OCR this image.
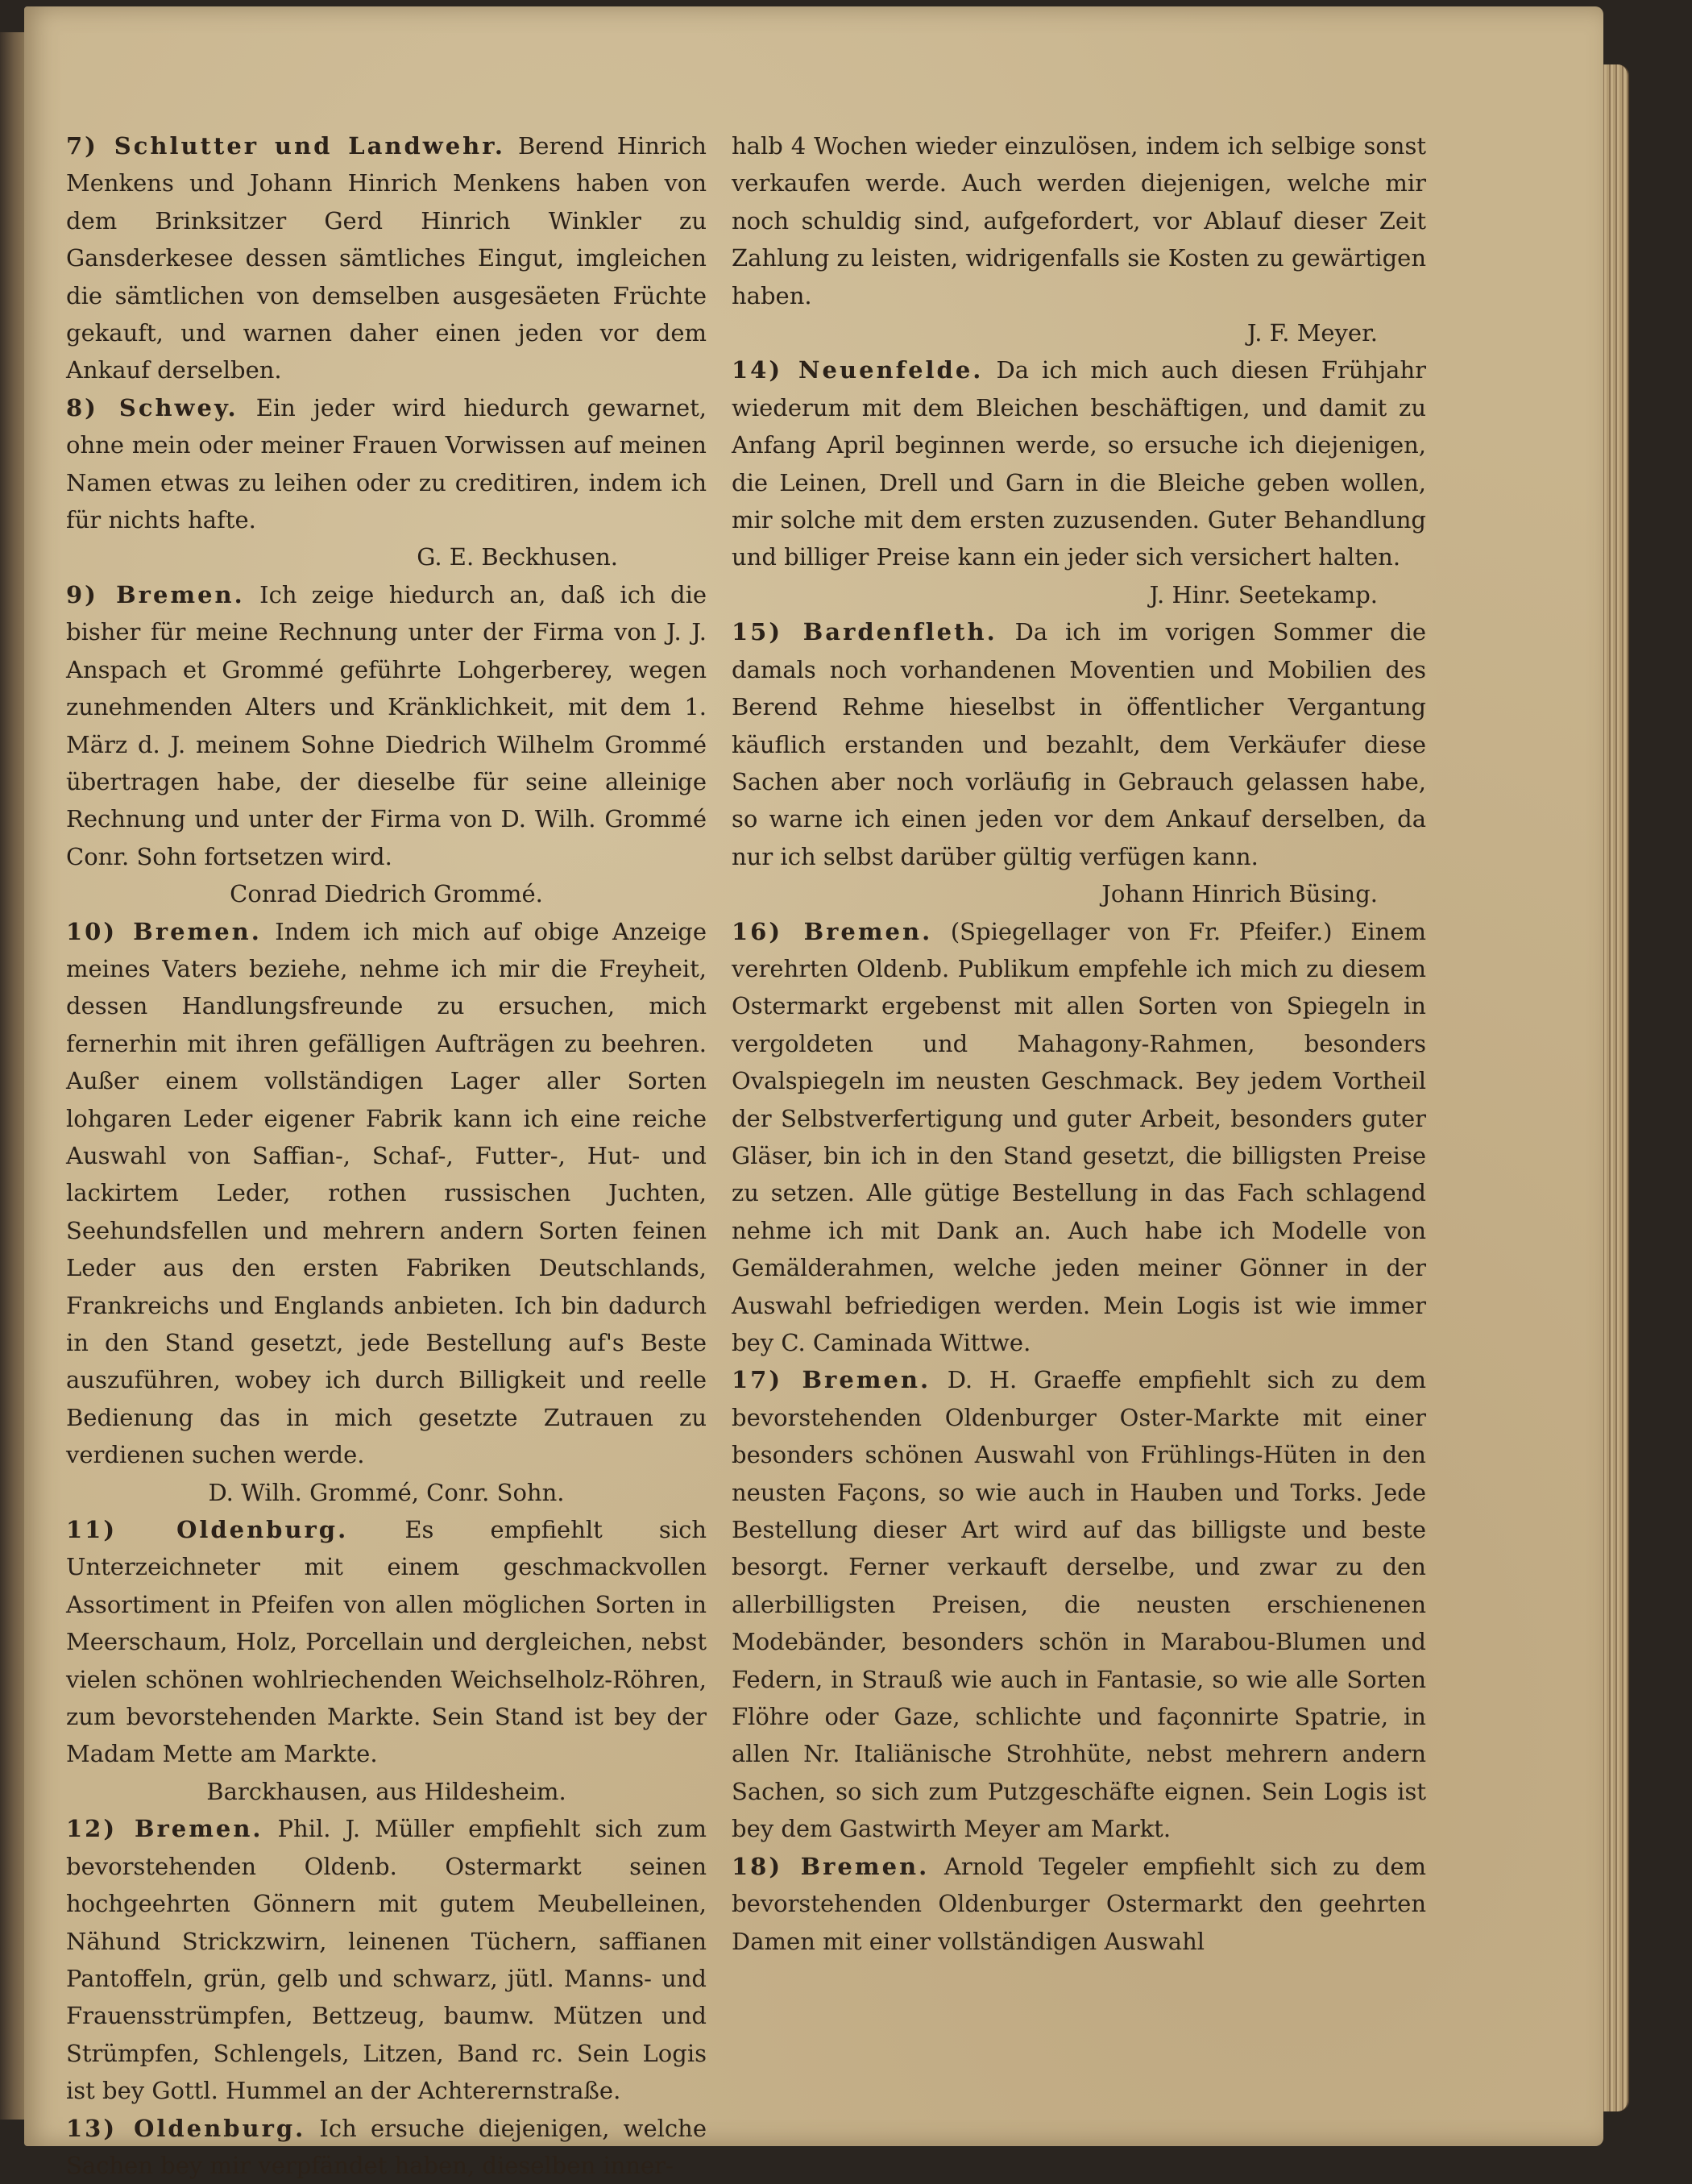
7) Schlutter und Landwehr. Berend Hinrich Menkens und Johann Hinrich Menkens haben von dem Brinksitzer Gerd Hinrich Winkler zu Gansderkesee dessen sämtliches Eingut, imgleichen die sämtlichen von demselben ausgesäeten Früchte gekauft, und warnen daher einen jeden vor dem Ankauf derselben.

8) Schwey. Ein jeder wird hiedurch gewarnet, ohne mein oder meiner Frauen Vorwissen auf meinen Namen etwas zu leihen oder zu creditiren, indem ich für nichts hafte.

G. E. Beckhusen.

9) Bremen. Ich zeige hiedurch an, daß ich die bisher für meine Rechnung unter der Firma von J. J. Anspach et Grommé geführte Lohgerberey, wegen zunehmenden Alters und Kränklichkeit, mit dem 1. März d. J. meinem Sohne Diedrich Wilhelm Grommé übertragen habe, der dieselbe für seine alleinige Rechnung und unter der Firma von D. Wilh. Grommé Conr. Sohn fortsetzen wird.

Conrad Diedrich Grommé.

10) Bremen. Indem ich mich auf obige Anzeige meines Vaters beziehe, nehme ich mir die Freyheit, dessen Handlungsfreunde zu ersuchen, mich fernerhin mit ihren gefälligen Aufträgen zu beehren. Außer einem vollständigen Lager aller Sorten lohgaren Leder eigener Fabrik kann ich eine reiche Auswahl von Saffian-, Schaf-, Futter-, Hut- und lackirtem Leder, rothen russischen Juchten, Seehundsfellen und mehrern andern Sorten feinen Leder aus den ersten Fabriken Deutschlands, Frankreichs und Englands anbieten. Ich bin dadurch in den Stand gesetzt, jede Bestellung auf's Beste auszuführen, wobey ich durch Billigkeit und reelle Bedienung das in mich gesetzte Zutrauen zu verdienen suchen werde.

D. Wilh. Grommé, Conr. Sohn.

11) Oldenburg. Es empfiehlt sich Unterzeichneter mit einem geschmackvollen Assortiment in Pfeifen von allen möglichen Sorten in Meerschaum, Holz, Porcellain und dergleichen, nebst vielen schönen wohlriechenden Weichselholz-Röhren, zum bevorstehenden Markte. Sein Stand ist bey der Madam Mette am Markte.

Barckhausen, aus Hildesheim.

12) Bremen. Phil. J. Müller empfiehlt sich zum bevorstehenden Oldenb. Ostermarkt seinen hochgeehrten Gönnern mit gutem Meubelleinen, Nähund Strickzwirn, leinenen Tüchern, saffianen Pantoffeln, grün, gelb und schwarz, jütl. Manns- und Frauensstrümpfen, Bettzeug, baumw. Mützen und Strümpfen, Schlengels, Litzen, Band rc. Sein Logis ist bey Gottl. Hummel an der Achterernstraße.

13) Oldenburg. Ich ersuche diejenigen, welche Sachen bey mir verpfändet haben, dieselben inner-

halb 4 Wochen wieder einzulösen, indem ich selbige sonst verkaufen werde. Auch werden diejenigen, welche mir noch schuldig sind, aufgefordert, vor Ablauf dieser Zeit Zahlung zu leisten, widrigenfalls sie Kosten zu gewärtigen haben.

J. F. Meyer.

14) Neuenfelde. Da ich mich auch diesen Frühjahr wiederum mit dem Bleichen beschäftigen, und damit zu Anfang April beginnen werde, so ersuche ich diejenigen, die Leinen, Drell und Garn in die Bleiche geben wollen, mir solche mit dem ersten zuzusenden. Guter Behandlung und billiger Preise kann ein jeder sich versichert halten.

J. Hinr. Seetekamp.

15) Bardenfleth. Da ich im vorigen Sommer die damals noch vorhandenen Moventien und Mobilien des Berend Rehme hieselbst in öffentlicher Vergantung käuflich erstanden und bezahlt, dem Verkäufer diese Sachen aber noch vorläufig in Gebrauch gelassen habe, so warne ich einen jeden vor dem Ankauf derselben, da nur ich selbst darüber gültig verfügen kann.

Johann Hinrich Büsing.

16) Bremen. (Spiegellager von Fr. Pfeifer.) Einem verehrten Oldenb. Publikum empfehle ich mich zu diesem Ostermarkt ergebenst mit allen Sorten von Spiegeln in vergoldeten und Mahagony-Rahmen, besonders Ovalspiegeln im neusten Geschmack. Bey jedem Vortheil der Selbstverfertigung und guter Arbeit, besonders guter Gläser, bin ich in den Stand gesetzt, die billigsten Preise zu setzen. Alle gütige Bestellung in das Fach schlagend nehme ich mit Dank an. Auch habe ich Modelle von Gemälderahmen, welche jeden meiner Gönner in der Auswahl befriedigen werden. Mein Logis ist wie immer bey C. Caminada Wittwe.

17) Bremen. D. H. Graeffe empfiehlt sich zu dem bevorstehenden Oldenburger Oster-Markte mit einer besonders schönen Auswahl von Frühlings-Hüten in den neusten Façons, so wie auch in Hauben und Torks. Jede Bestellung dieser Art wird auf das billigste und beste besorgt. Ferner verkauft derselbe, und zwar zu den allerbilligsten Preisen, die neusten erschienenen Modebänder, besonders schön in Marabou-Blumen und Federn, in Strauß wie auch in Fantasie, so wie alle Sorten Flöhre oder Gaze, schlichte und façonnirte Spatrie, in allen Nr. Italiänische Strohhüte, nebst mehrern andern Sachen, so sich zum Putzgeschäfte eignen. Sein Logis ist bey dem Gastwirth Meyer am Markt.

18) Bremen. Arnold Tegeler empfiehlt sich zu dem bevorstehenden Oldenburger Ostermarkt den geehrten Damen mit einer vollständigen Auswahl
